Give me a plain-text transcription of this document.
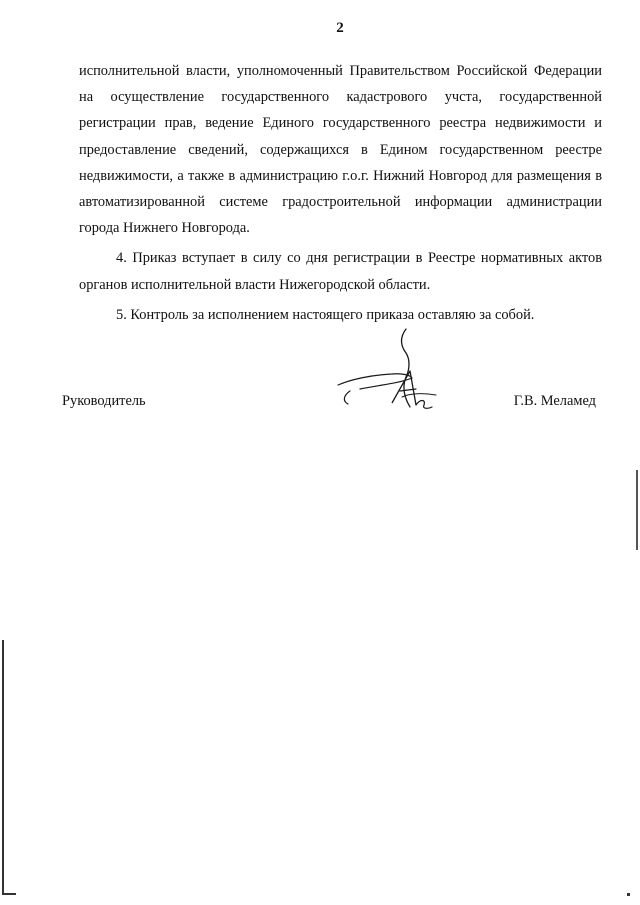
2

исполнительной власти, уполномоченный Правительством Российской Федерации на осуществление государственного кадастрового учста, государственной регистрации прав, ведение Единого государственного реестра недвижимости и предоставление сведений, содержащихся в Едином государственном реестре недвижимости, а также в администрацию г.о.г. Нижний Новгород для размещения в автоматизированной системе градостроительной информации администрации города Нижнего Новгорода.

4. Приказ вступает в силу со дня регистрации в Реестре нормативных актов органов исполнительной власти Нижегородской области.

5. Контроль за исполнением настоящего приказа оставляю за собой.

Руководитель	Г.В. Меламед
